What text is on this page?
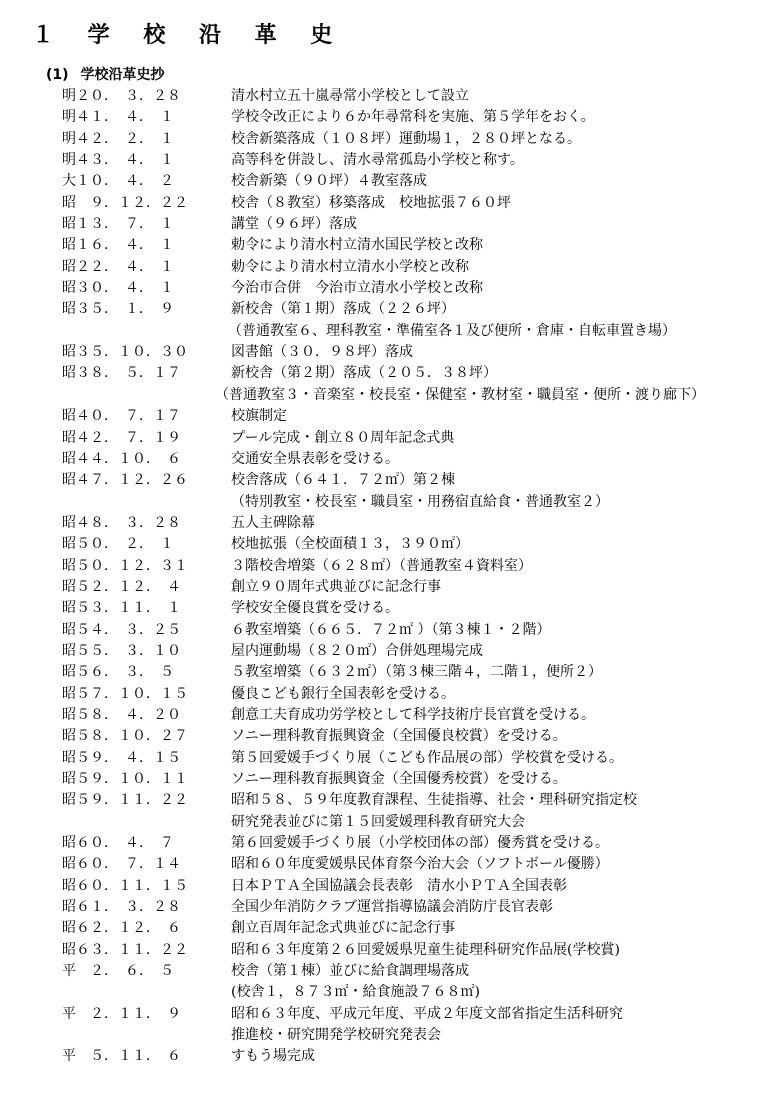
１ 学 校 沿 革 史
(1) 学校沿革史抄
明２０．　３．２８	清水村立五十嵐尋常小学校として設立
明４１．　４．　１	学校令改正により６か年尋常科を実施、第５学年をおく。
明４２．　２．　１	校舎新築落成（１０８坪）運動場１，２８０坪となる。
明４３．　４．　１	高等科を併設し、清水尋常孤島小学校と称す。
大１０．　４．　２	校舎新築（９０坪）４教室落成
昭　９．１２．２２	校舎（８教室）移築落成　校地拡張７６０坪
昭１３．　７．　１	講堂（９６坪）落成
昭１６．　４．　１	勅令により清水村立清水国民学校と改称
昭２２．　４．　１	勅令により清水村立清水小学校と改称
昭３０．　４．　１	今治市合併　今治市立清水小学校と改称
昭３５．　１．　９	新校舎（第１期）落成（２２６坪）
（普通教室６、理科教室・準備室各１及び便所・倉庫・自転車置き場）
昭３５．１０．３０	図書館（３０．９８坪）落成
昭３８．　５．１７	新校舎（第２期）落成（２０５．３８坪）
（普通教室３・音楽室・校長室・保健室・教材室・職員室・便所・渡り廊下）
昭４０．　７．１７	校旗制定
昭４２．　７．１９	プール完成・創立８０周年記念式典
昭４４．１０．　６	交通安全県表彰を受ける。
昭４７．１２．２６	校舎落成（６４１．７２㎡）第２棟
（特別教室・校長室・職員室・用務宿直給食・普通教室２）
昭４８．　３．２８	五人主碑除幕
昭５０．　２．　１	校地拡張（全校面積１３，３９０㎡）
昭５０．１２．３１	３階校舎増築（６２８㎡）（普通教室４資料室）
昭５２．１２．　４	創立９０周年式典並びに記念行事
昭５３．１１．　１	学校安全優良賞を受ける。
昭５４．　３．２５	６教室増築（６６５．７２㎡ ）（第３棟１・２階）
昭５５．　３．１０	屋内運動場（８２０㎡）合併処理場完成
昭５６．　３．　５	５教室増築（６３２㎡）（第３棟三階４，二階１，便所２）
昭５７．１０．１５	優良こども銀行全国表彰を受ける。
昭５８．　４．２０	創意工夫育成功労学校として科学技術庁長官賞を受ける。
昭５８．１０．２７	ソニー理科教育振興資金（全国優良校賞）を受ける。
昭５９．　４．１５	第５回愛媛手づくり展（こども作品展の部）学校賞を受ける。
昭５９．１０．１１	ソニー理科教育振興資金（全国優秀校賞）を受ける。
昭５９．１１．２２	昭和５８、５９年度教育課程、生徒指導、社会・理科研究指定校
研究発表並びに第１５回愛媛理科教育研究大会
昭６０．　４．　７	第６回愛媛手づくり展（小学校団体の部）優秀賞を受ける。
昭６０．　７．１４	昭和６０年度愛媛県民体育祭今治大会（ソフトボール優勝）
昭６０．１１．１５	日本ＰＴＡ全国協議会長表彰　清水小ＰＴＡ全国表彰
昭６１．　３．２８	全国少年消防クラブ運営指導協議会消防庁長官表彰
昭６２．１２．　６	創立百周年記念式典並びに記念行事
昭６３．１１．２２	昭和６３年度第２６回愛媛県児童生徒理科研究作品展(学校賞)
平　２．　６．　５	校舎（第１棟）並びに給食調理場落成
(校舎１，８７３㎡・給食施設７６８㎡)
平　２．１１．　９	昭和６３年度、平成元年度、平成２年度文部省指定生活科研究
推進校・研究開発学校研究発表会
平　５．１１．　６	すもう場完成
